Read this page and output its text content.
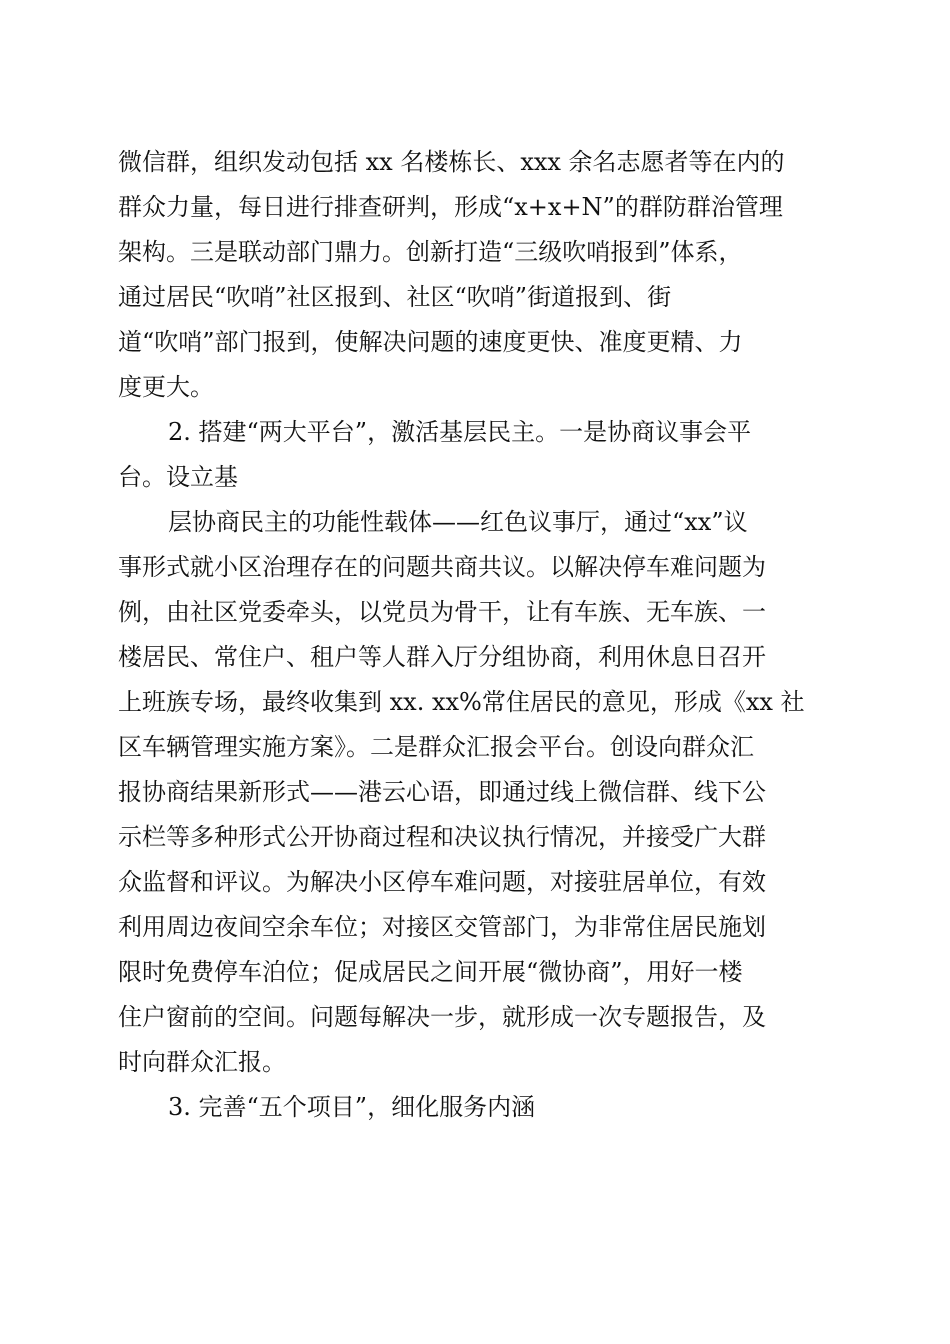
微信群，组织发动包括 xx 名楼栋长、xxx 余名志愿者等在内的
群众力量，每日进行排查研判，形成“x+x+N”的群防群治管理
架构。三是联动部门鼎力。创新打造“三级吹哨报到”体系，
通过居民“吹哨”社区报到、社区“吹哨”街道报到、街
道“吹哨”部门报到，使解决问题的速度更快、准度更精、力
度更大。
2. 搭建“两大平台”，激活基层民主。一是协商议事会平
台。设立基
层协商民主的功能性载体——红色议事厅，通过“xx”议
事形式就小区治理存在的问题共商共议。以解决停车难问题为
例，由社区党委牵头，以党员为骨干，让有车族、无车族、一
楼居民、常住户、租户等人群入厅分组协商，利用休息日召开
上班族专场，最终收集到 xx. xx%常住居民的意见，形成《xx 社
区车辆管理实施方案》。二是群众汇报会平台。创设向群众汇
报协商结果新形式——港云心语，即通过线上微信群、线下公
示栏等多种形式公开协商过程和决议执行情况，并接受广大群
众监督和评议。为解决小区停车难问题，对接驻居单位，有效
利用周边夜间空余车位；对接区交管部门，为非常住居民施划
限时免费停车泊位；促成居民之间开展“微协商”，用好一楼
住户窗前的空间。问题每解决一步，就形成一次专题报告，及
时向群众汇报。
3. 完善“五个项目”，细化服务内涵
